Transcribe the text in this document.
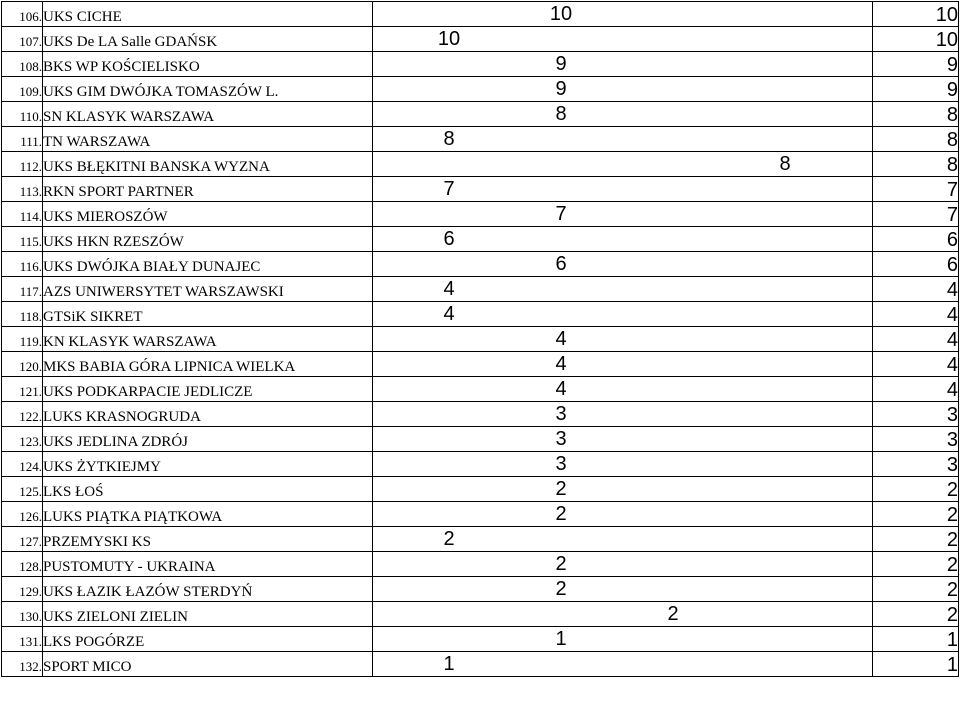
106.	UKS CICHE	10	10
107.	UKS De LA Salle GDAŃSK	10	10
108.	BKS WP KOŚCIELISKO	9	9
109.	UKS GIM DWÓJKA TOMASZÓW L.	9	9
110.	SN KLASYK WARSZAWA	8	8
111.	TN WARSZAWA	8	8
112.	UKS BŁĘKITNI BANSKA WYZNA	8	8
113.	RKN SPORT PARTNER	7	7
114.	UKS MIEROSZÓW	7	7
115.	UKS HKN RZESZÓW	6	6
116.	UKS DWÓJKA BIAŁY DUNAJEC	6	6
117.	AZS UNIWERSYTET WARSZAWSKI	4	4
118.	GTSiK SIKRET	4	4
119.	KN KLASYK WARSZAWA	4	4
120.	MKS BABIA GÓRA LIPNICA WIELKA	4	4
121.	UKS PODKARPACIE JEDLICZE	4	4
122.	LUKS KRASNOGRUDA	3	3
123.	UKS JEDLINA ZDRÓJ	3	3
124.	UKS ŻYTKIEJMY	3	3
125.	LKS ŁOŚ	2	2
126.	LUKS PIĄTKA PIĄTKOWA	2	2
127.	PRZEMYSKI KS	2	2
128.	PUSTOMUTY - UKRAINA	2	2
129.	UKS ŁAZIK ŁAZÓW STERDYŃ	2	2
130.	UKS ZIELONI ZIELIN	2	2
131.	LKS POGÓRZE	1	1
132.	SPORT MICO	1	1
